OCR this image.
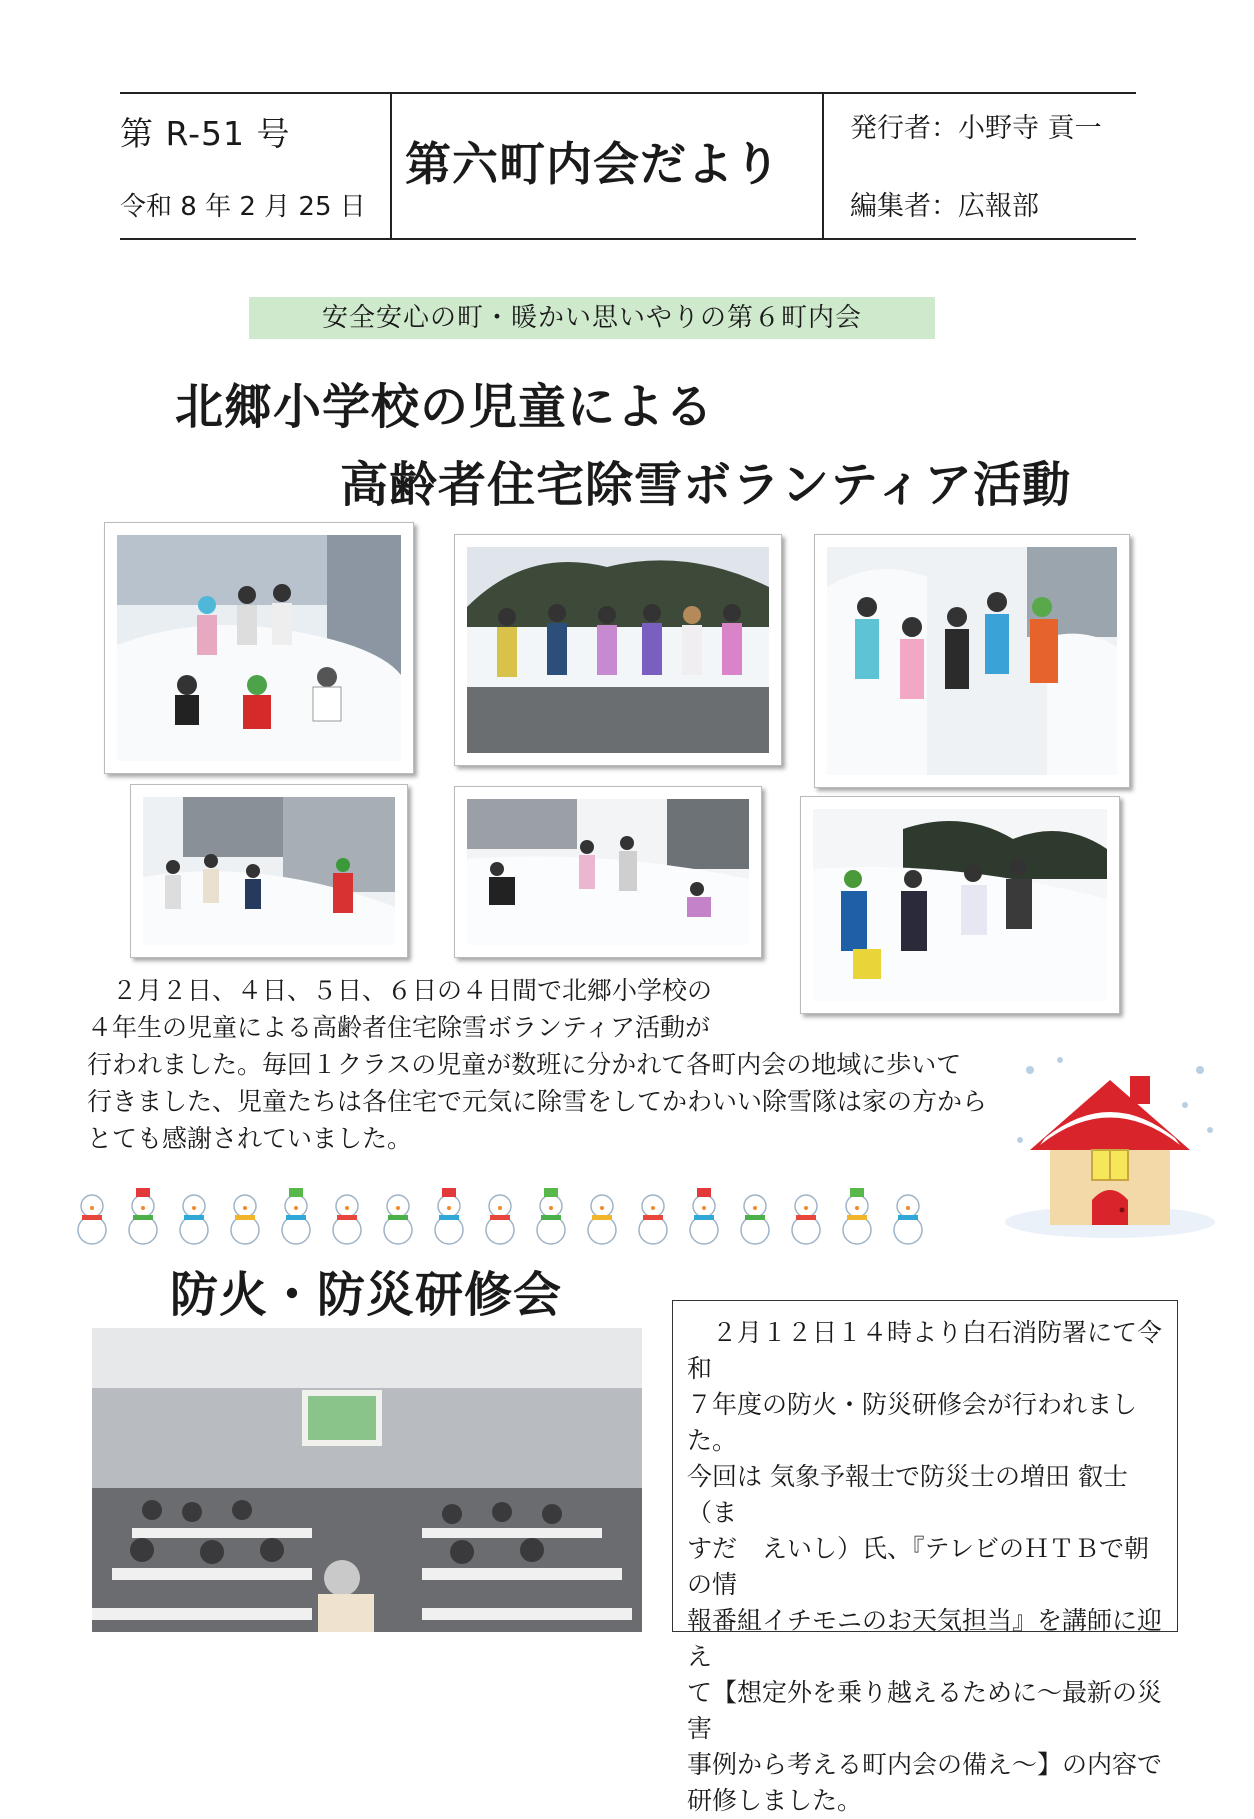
第 R-51 号
令和 8 年 2 月 25 日
第六町内会だより
発行者：小野寺 貢一
編集者：広報部
安全安心の町・暖かい思いやりの第６町内会
北郷小学校の児童による
高齢者住宅除雪ボランティア活動
　２月２日、４日、５日、６日の４日間で北郷小学校の
４年生の児童による高齢者住宅除雪ボランティア活動が
行われました。毎回１クラスの児童が数班に分かれて各町内会の地域に歩いて
行きました、児童たちは各住宅で元気に除雪をしてかわいい除雪隊は家の方から
とても感謝されていました。
防火・防災研修会
　２月１２日１４時より白石消防署にて令和
７年度の防火・防災研修会が行われました。
今回は 気象予報士で防災士の増田 叡士（ま
すだ　えいし）氏、『テレビのＨＴＢで朝の情
報番組イチモニのお天気担当』を講師に迎え
て【想定外を乗り越えるために～最新の災害
事例から考える町内会の備え～】の内容で
研修しました。
